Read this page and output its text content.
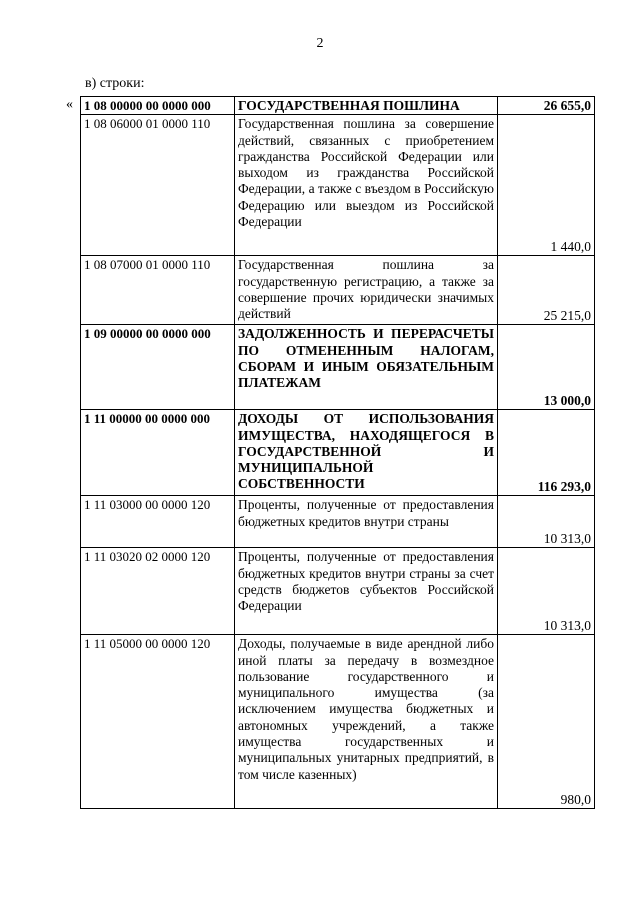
2
в) строки:
« 1 08 00000 00 0000 000	ГОСУДАРСТВЕННАЯ ПОШЛИНА	26 655,0
1 08 06000 01 0000 110	Государственная пошлина за совершение действий, связанных с приобретением гражданства Российской Федерации или выходом из гражданства Российской Федерации, а также с въездом в Российскую Федерацию или выездом из Российской Федерации	1 440,0
1 08 07000 01 0000 110	Государственная пошлина за государственную регистрацию, а также за совершение прочих юридически значимых действий	25 215,0
1 09 00000 00 0000 000	ЗАДОЛЖЕННОСТЬ И ПЕРЕРАСЧЕТЫ ПО ОТМЕНЕННЫМ НАЛОГАМ, СБОРАМ И ИНЫМ ОБЯЗАТЕЛЬНЫМ ПЛАТЕЖАМ	13 000,0
1 11 00000 00 0000 000	ДОХОДЫ ОТ ИСПОЛЬЗОВАНИЯ ИМУЩЕСТВА, НАХОДЯЩЕГОСЯ В ГОСУДАРСТВЕННОЙ И МУНИЦИПАЛЬНОЙ СОБСТВЕННОСТИ	116 293,0
1 11 03000 00 0000 120	Проценты, полученные от предоставления бюджетных кредитов внутри страны	10 313,0
1 11 03020 02 0000 120	Проценты, полученные от предоставления бюджетных кредитов внутри страны за счет средств бюджетов субъектов Российской Федерации	10 313,0
1 11 05000 00 0000 120	Доходы, получаемые в виде арендной либо иной платы за передачу в возмездное пользование государственного и муниципального имущества (за исключением имущества бюджетных и автономных учреждений, а также имущества государственных и муниципальных унитарных предприятий, в том числе казенных)	980,0
